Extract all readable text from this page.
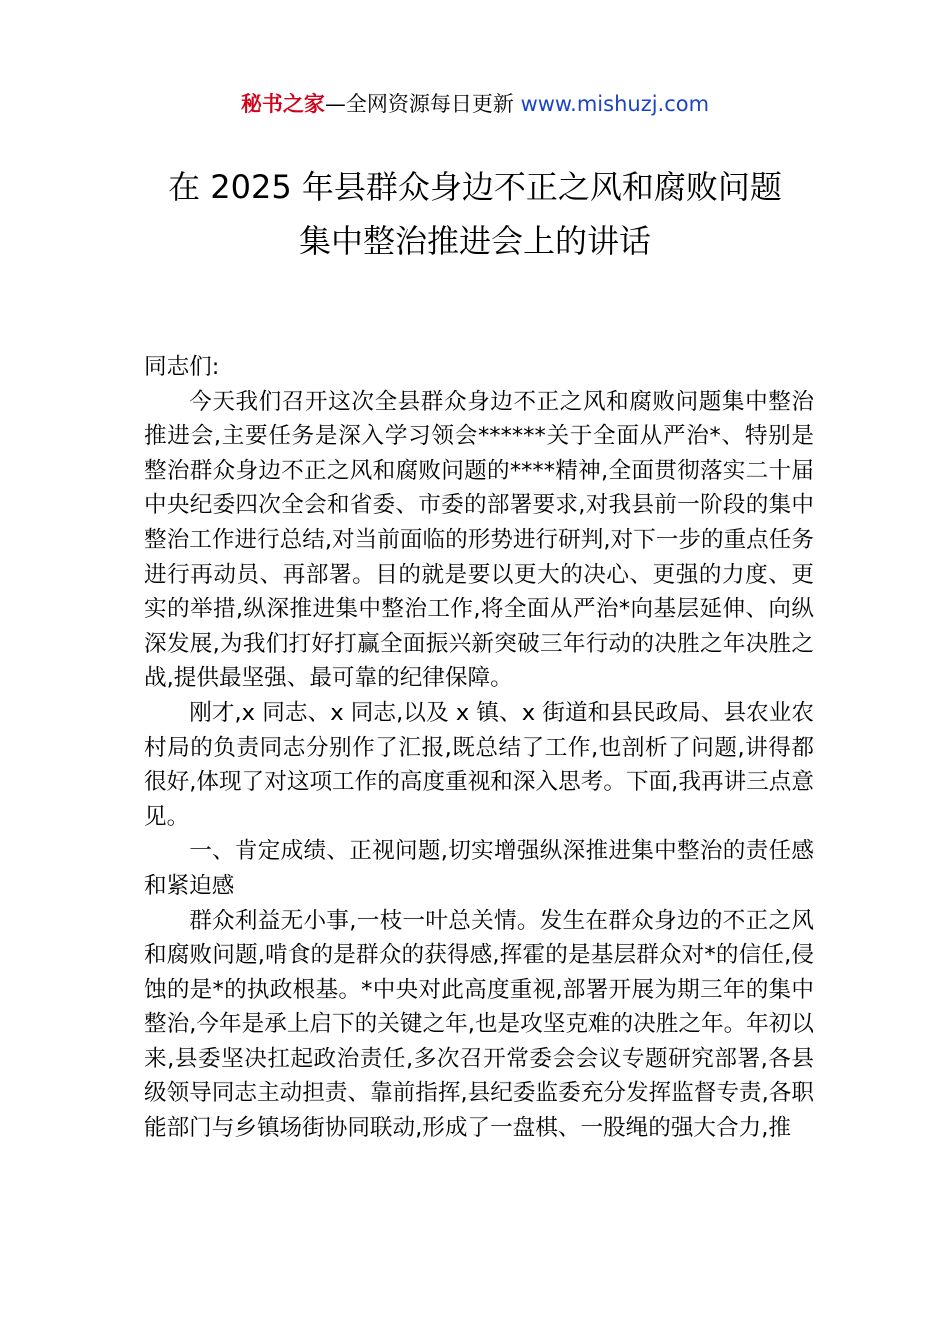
秘书之家—全网资源每日更新 www.mishuzj.com
在 2025 年县群众身边不正之风和腐败问题
集中整治推进会上的讲话

同志们:

今天我们召开这次全县群众身边不正之风和腐败问题集中整治推进会,主要任务是深入学习领会******关于全面从严治*、特别是整治群众身边不正之风和腐败问题的****精神,全面贯彻落实二十届中央纪委四次全会和省委、市委的部署要求,对我县前一阶段的集中整治工作进行总结,对当前面临的形势进行研判,对下一步的重点任务进行再动员、再部署。目的就是要以更大的决心、更强的力度、更实的举措,纵深推进集中整治工作,将全面从严治*向基层延伸、向纵深发展,为我们打好打赢全面振兴新突破三年行动的决胜之年决胜之战,提供最坚强、最可靠的纪律保障。

刚才,x 同志、x 同志,以及 x 镇、x 街道和县民政局、县农业农村局的负责同志分别作了汇报,既总结了工作,也剖析了问题,讲得都很好,体现了对这项工作的高度重视和深入思考。下面,我再讲三点意见。

一、肯定成绩、正视问题,切实增强纵深推进集中整治的责任感和紧迫感

群众利益无小事,一枝一叶总关情。发生在群众身边的不正之风和腐败问题,啃食的是群众的获得感,挥霍的是基层群众对*的信任,侵蚀的是*的执政根基。*中央对此高度重视,部署开展为期三年的集中整治,今年是承上启下的关键之年,也是攻坚克难的决胜之年。年初以来,县委坚决扛起政治责任,多次召开常委会会议专题研究部署,各县级领导同志主动担责、靠前指挥,县纪委监委充分发挥监督专责,各职能部门与乡镇场街协同联动,形成了一盘棋、一股绳的强大合力,推
